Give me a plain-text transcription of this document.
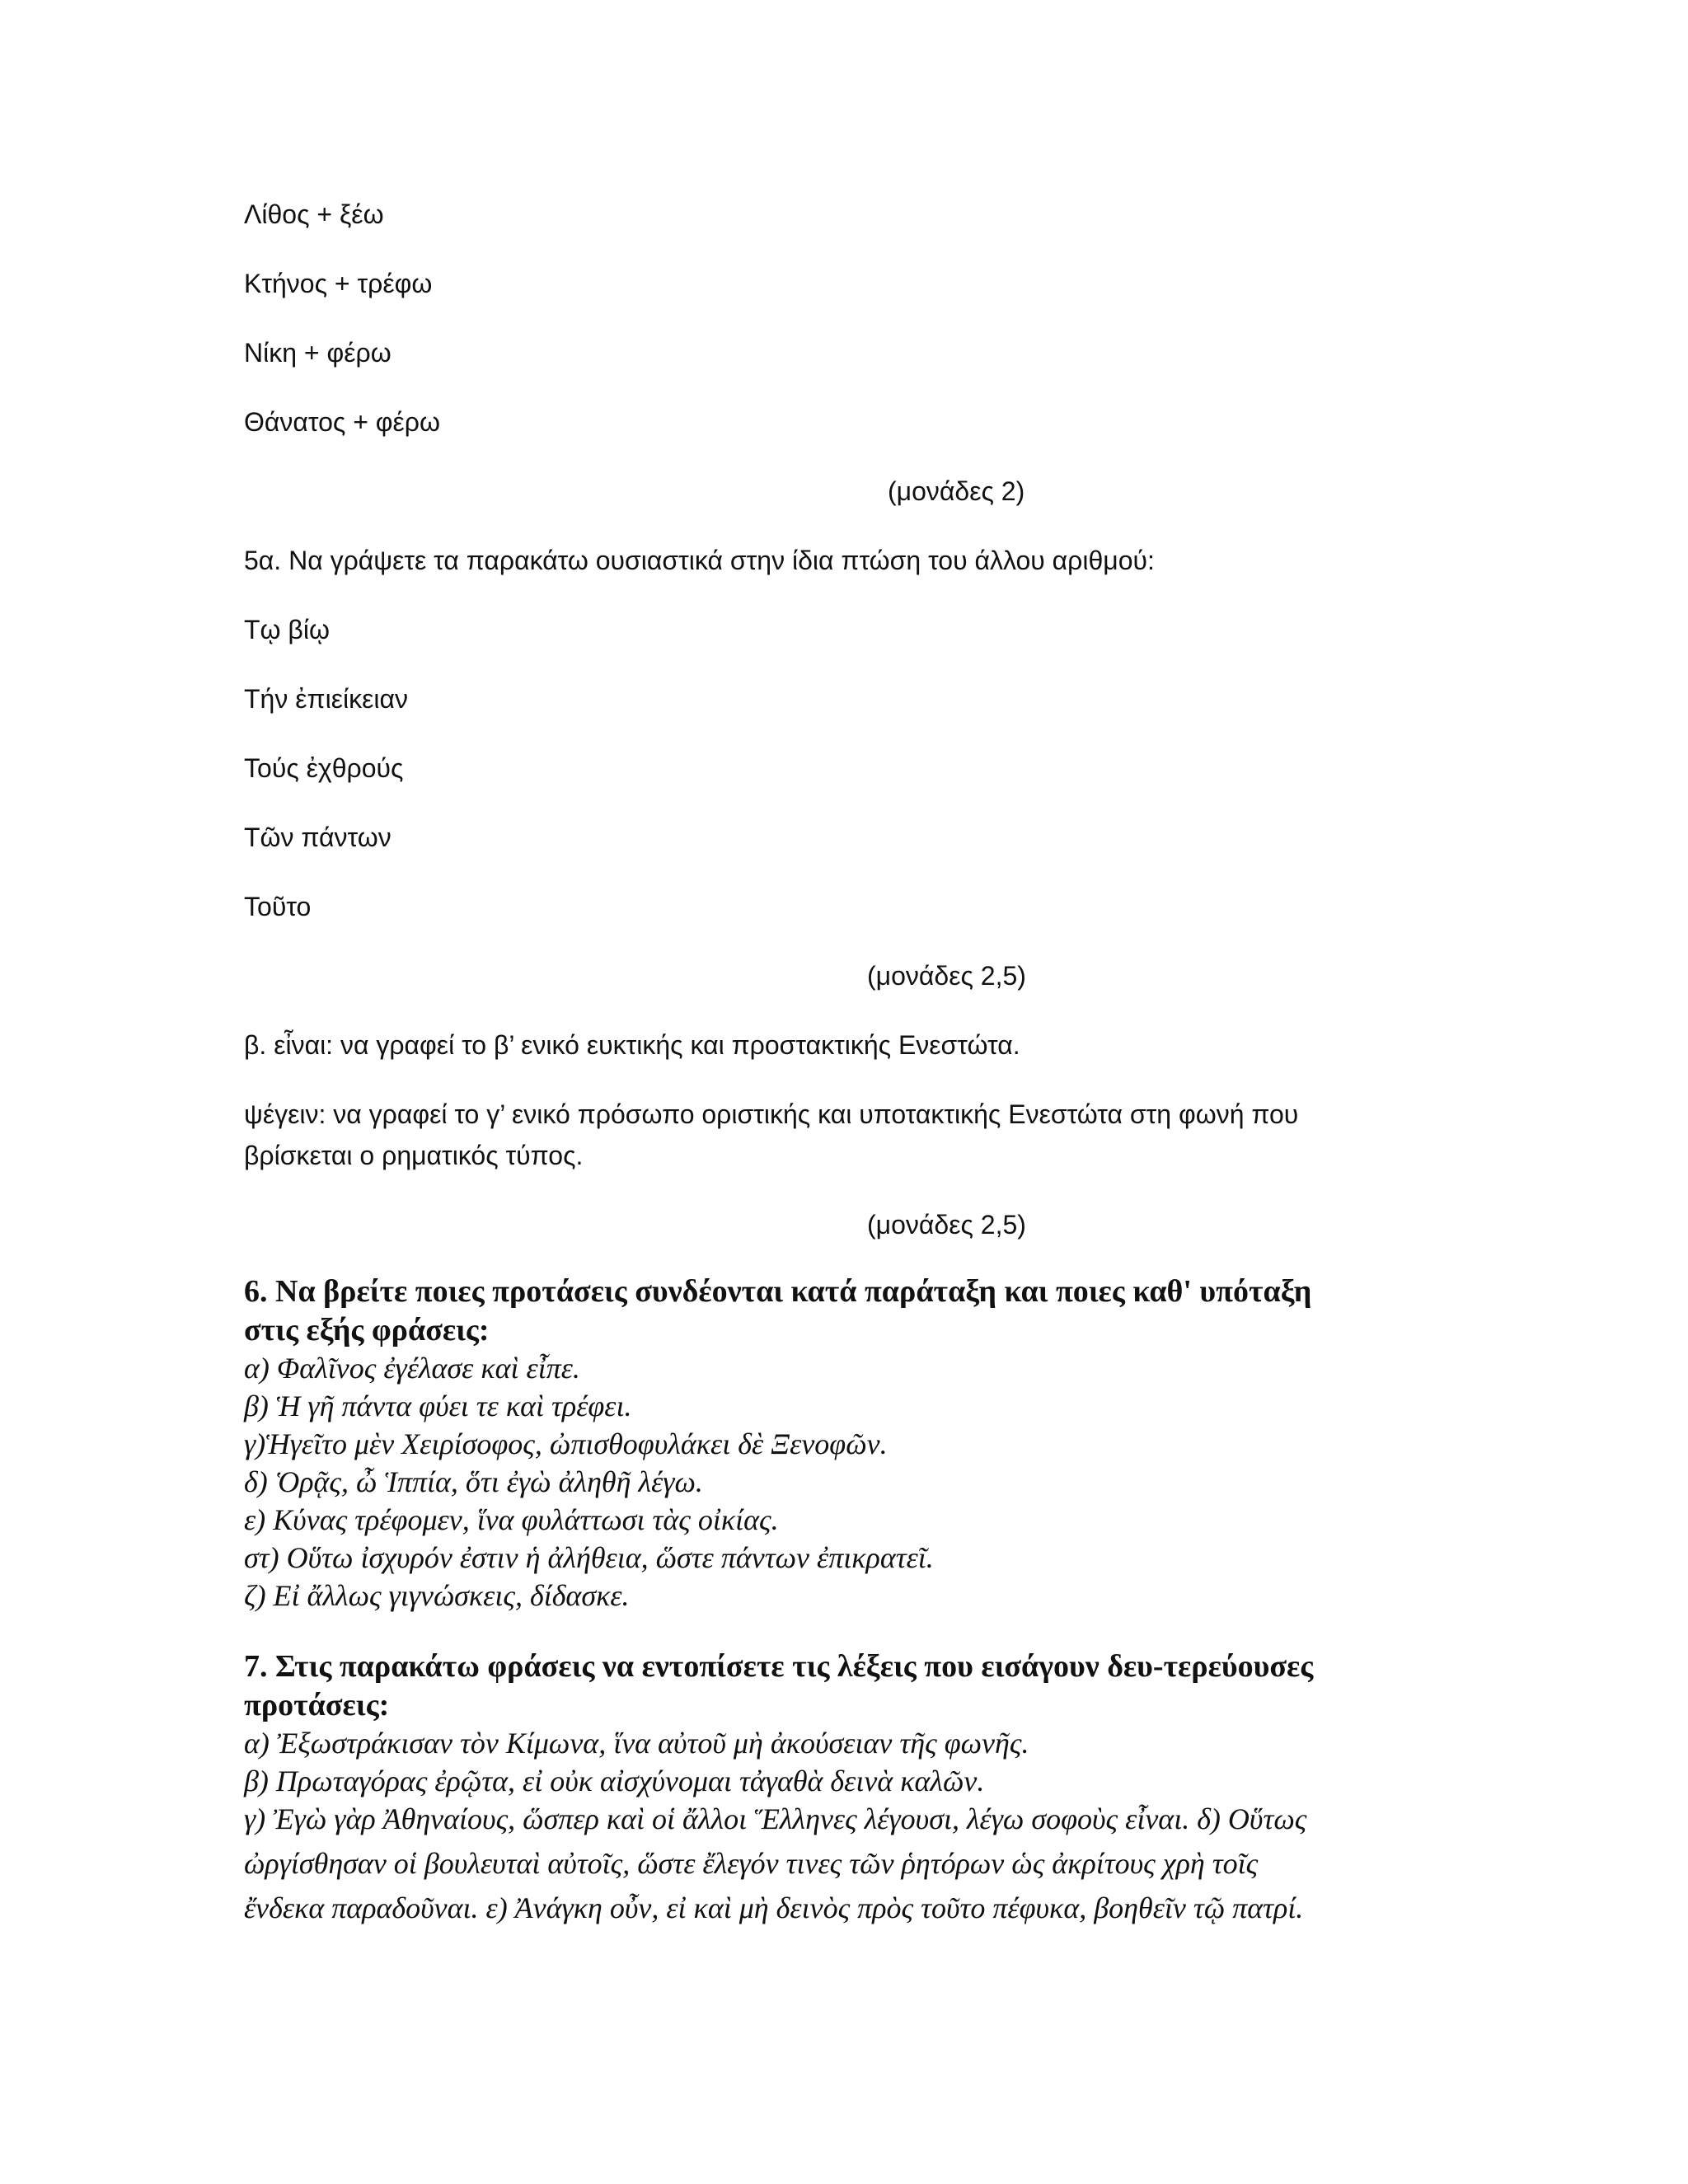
Λίθος + ξέω
Κτήνος + τρέφω
Νίκη + φέρω
Θάνατος + φέρω
(μονάδες 2)
5α. Να γράψετε τα παρακάτω ουσιαστικά στην ίδια πτώση του άλλου αριθμού:
Τῳ βίῳ
Τήν ἐπιείκειαν
Τούς ἐχθρούς
Τῶν πάντων
Τοῦτο
(μονάδες 2,5)
β. εἶναι: να γραφεί το β’ ενικό ευκτικής και προστακτικής Ενεστώτα.
ψέγειν: να γραφεί το γ’ ενικό πρόσωπο οριστικής και υποτακτικής Ενεστώτα στη φωνή που
βρίσκεται ο ρηματικός τύπος.
(μονάδες 2,5)
6. Να βρείτε ποιες προτάσεις συνδέονται κατά παράταξη και ποιες καθ' υπόταξη
στις εξής φράσεις:
α) Φαλῖνος ἐγέλασε καὶ εἶπε.
β) Ἡ γῆ πάντα φύει τε καὶ τρέφει.
γ)Ἡγεῖτο μὲν Χειρίσοφος, ὠπισθοφυλάκει δὲ Ξενοφῶν.
δ) Ὁρᾷς, ὦ Ἱππία, ὅτι ἐγὼ ἀληθῆ λέγω.
ε) Κύνας τρέφομεν, ἵνα φυλάττωσι τὰς οἰκίας.
στ) Οὕτω ἰσχυρόν ἐστιν ἡ ἀλήθεια, ὥστε πάντων ἐπικρατεῖ.
ζ) Εἰ ἄλλως γιγνώσκεις, δίδασκε.
7. Στις παρακάτω φράσεις να εντοπίσετε τις λέξεις που εισάγουν δευ-τερεύουσες
προτάσεις:
α) Ἐξωστράκισαν τὸν Κίμωνα, ἵνα αὐτοῦ μὴ ἀκούσειαν τῆς φωνῆς.
β) Πρωταγόρας ἐρῷτα, εἰ οὐκ αἰσχύνομαι τἀγαθὰ δεινὰ καλῶν.
γ) Ἐγὼ γὰρ Ἀθηναίους, ὥσπερ καὶ οἱ ἄλλοι Ἕλληνες λέγουσι, λέγω σοφοὺς εἶναι. δ) Οὕτως
ὠργίσθησαν οἱ βουλευταὶ αὐτοῖς, ὥστε ἔλεγόν τινες τῶν ῥητόρων ὡς ἀκρίτους χρὴ τοῖς
ἔνδεκα παραδοῦναι. ε) Ἀνάγκη οὖν, εἰ καὶ μὴ δεινὸς πρὸς τοῦτο πέφυκα, βοηθεῖν τῷ πατρί.
